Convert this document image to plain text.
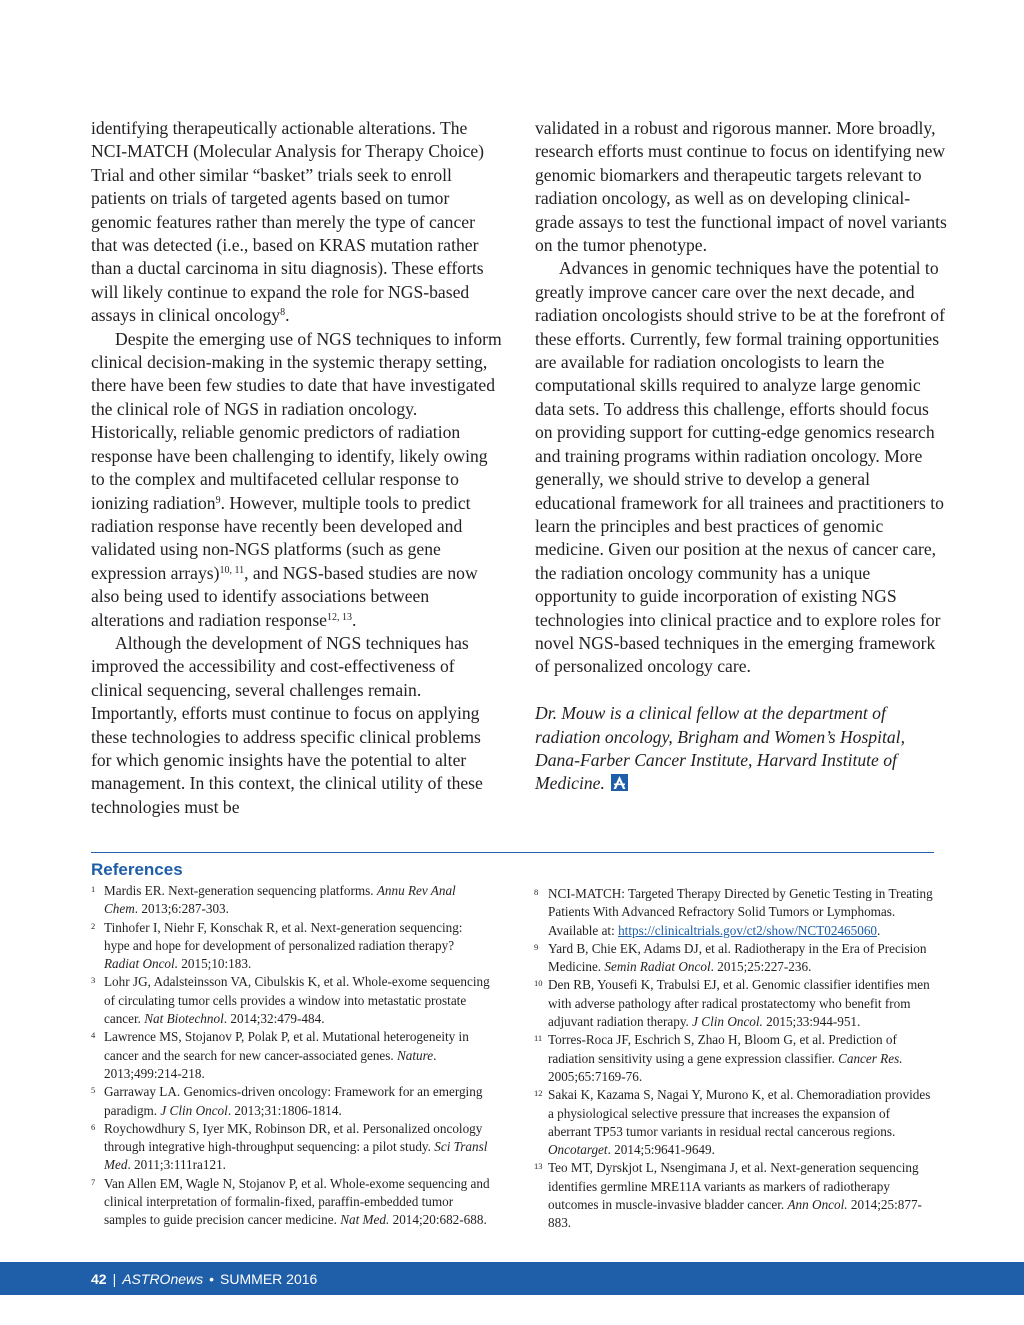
identifying therapeutically actionable alterations. The NCI-MATCH (Molecular Analysis for Therapy Choice) Trial and other similar “basket” trials seek to enroll patients on trials of targeted agents based on tumor genomic features rather than merely the type of cancer that was detected (i.e., based on KRAS mutation rather than a ductal carcinoma in situ diagnosis). These efforts will likely continue to expand the role for NGS-based assays in clinical oncology$^8$.

Despite the emerging use of NGS techniques to inform clinical decision-making in the systemic therapy setting, there have been few studies to date that have investigated the clinical role of NGS in radiation oncology. Historically, reliable genomic predictors of radiation response have been challenging to identify, likely owing to the complex and multifaceted cellular response to ionizing radiation$^9$. However, multiple tools to predict radiation response have recently been developed and validated using non-NGS platforms (such as gene expression arrays)$^{10, 11}$, and NGS-based studies are now also being used to identify associations between alterations and radiation response$^{12, 13}$.

Although the development of NGS techniques has improved the accessibility and cost-effectiveness of clinical sequencing, several challenges remain. Importantly, efforts must continue to focus on applying these technologies to address specific clinical problems for which genomic insights have the potential to alter management. In this context, the clinical utility of these technologies must be

validated in a robust and rigorous manner. More broadly, research efforts must continue to focus on identifying new genomic biomarkers and therapeutic targets relevant to radiation oncology, as well as on developing clinical-grade assays to test the functional impact of novel variants on the tumor phenotype.

Advances in genomic techniques have the potential to greatly improve cancer care over the next decade, and radiation oncologists should strive to be at the forefront of these efforts. Currently, few formal training opportunities are available for radiation oncologists to learn the computational skills required to analyze large genomic data sets. To address this challenge, efforts should focus on providing support for cutting-edge genomics research and training programs within radiation oncology. More generally, we should strive to develop a general educational framework for all trainees and practitioners to learn the principles and best practices of genomic medicine. Given our position at the nexus of cancer care, the radiation oncology community has a unique opportunity to guide incorporation of existing NGS technologies into clinical practice and to explore roles for novel NGS-based techniques in the emerging framework of personalized oncology care.

Dr. Mouw is a clinical fellow at the department of radiation oncology, Brigham and Women’s Hospital, Dana-Farber Cancer Institute, Harvard Institute of Medicine.

References
1 Mardis ER. Next-generation sequencing platforms. Annu Rev Anal Chem. 2013;6:287-303.
2 Tinhofer I, Niehr F, Konschak R, et al. Next-generation sequencing: hype and hope for development of personalized radiation therapy? Radiat Oncol. 2015;10:183.
3 Lohr JG, Adalsteinsson VA, Cibulskis K, et al. Whole-exome sequencing of circulating tumor cells provides a window into metastatic prostate cancer. Nat Biotechnol. 2014;32:479-484.
4 Lawrence MS, Stojanov P, Polak P, et al. Mutational heterogeneity in cancer and the search for new cancer-associated genes. Nature. 2013;499:214-218.
5 Garraway LA. Genomics-driven oncology: Framework for an emerging paradigm. J Clin Oncol. 2013;31:1806-1814.
6 Roychowdhury S, Iyer MK, Robinson DR, et al. Personalized oncology through integrative high-throughput sequencing: a pilot study. Sci Transl Med. 2011;3:111ra121.
7 Van Allen EM, Wagle N, Stojanov P, et al. Whole-exome sequencing and clinical interpretation of formalin-fixed, paraffin-embedded tumor samples to guide precision cancer medicine. Nat Med. 2014;20:682-688.
8 NCI-MATCH: Targeted Therapy Directed by Genetic Testing in Treating Patients With Advanced Refractory Solid Tumors or Lymphomas. Available at: https://clinicaltrials.gov/ct2/show/NCT02465060.
9 Yard B, Chie EK, Adams DJ, et al. Radiotherapy in the Era of Precision Medicine. Semin Radiat Oncol. 2015;25:227-236.
10 Den RB, Yousefi K, Trabulsi EJ, et al. Genomic classifier identifies men with adverse pathology after radical prostatectomy who benefit from adjuvant radiation therapy. J Clin Oncol. 2015;33:944-951.
11 Torres-Roca JF, Eschrich S, Zhao H, Bloom G, et al. Prediction of radiation sensitivity using a gene expression classifier. Cancer Res. 2005;65:7169-76.
12 Sakai K, Kazama S, Nagai Y, Murono K, et al. Chemoradiation provides a physiological selective pressure that increases the expansion of aberrant TP53 tumor variants in residual rectal cancerous regions. Oncotarget. 2014;5:9641-9649.
13 Teo MT, Dyrskjot L, Nsengimana J, et al. Next-generation sequencing identifies germline MRE11A variants as markers of radiotherapy outcomes in muscle-invasive bladder cancer. Ann Oncol. 2014;25:877-883.
42 | ASTROnews • SUMMER 2016
